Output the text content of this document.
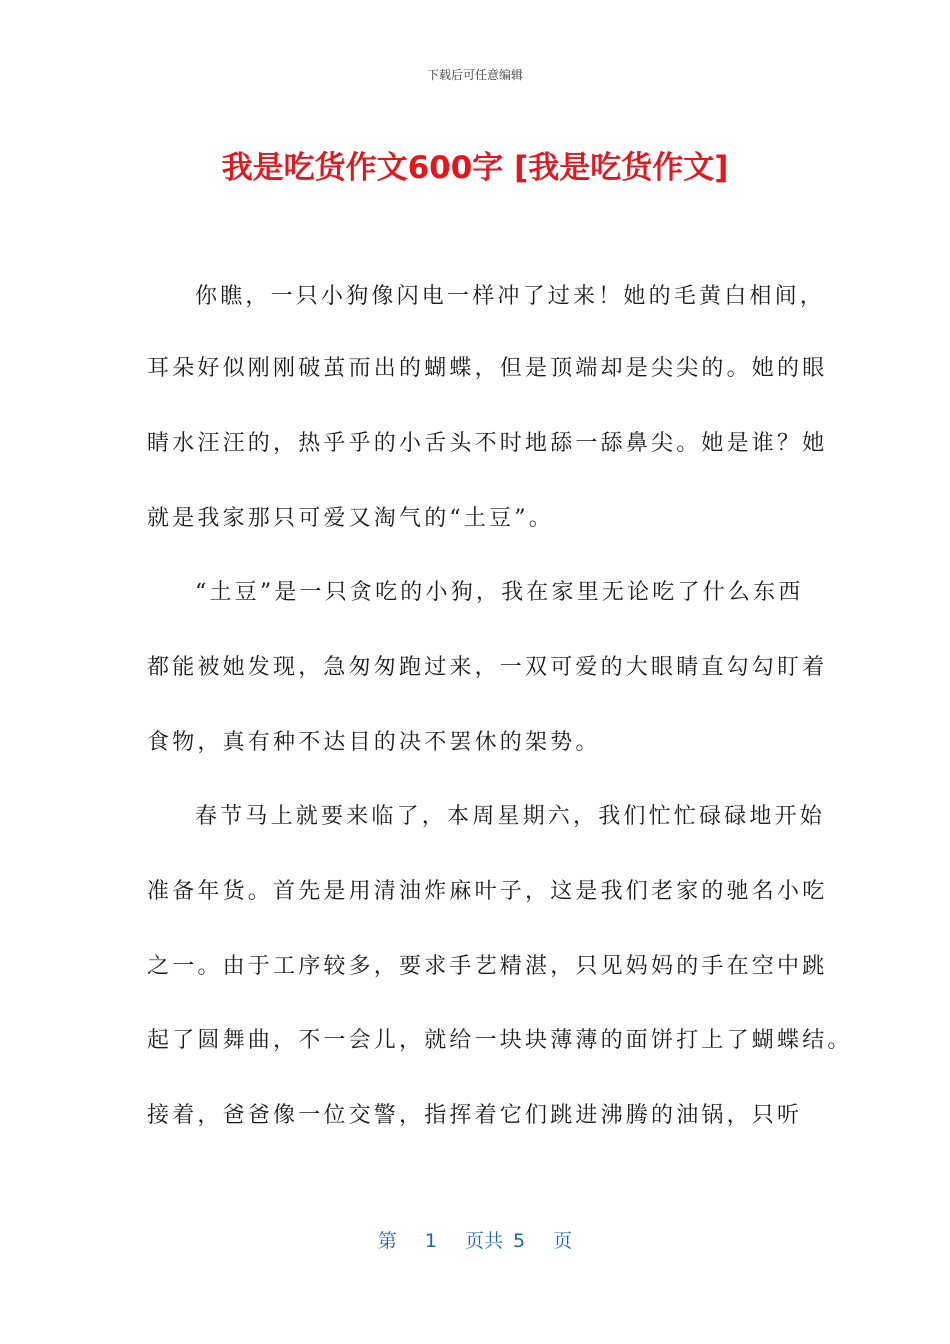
下载后可任意编辑
我是吃货作文600字 [我是吃货作文]
你瞧，一只小狗像闪电一样冲了过来！她的毛黄白相间，
耳朵好似刚刚破茧而出的蝴蝶，但是顶端却是尖尖的。她的眼
睛水汪汪的，热乎乎的小舌头不时地舔一舔鼻尖。她是谁？她
就是我家那只可爱又淘气的“土豆”。
“土豆”是一只贪吃的小狗，我在家里无论吃了什么东西
都能被她发现，急匆匆跑过来，一双可爱的大眼睛直勾勾盯着
食物，真有种不达目的决不罢休的架势。
春节马上就要来临了，本周星期六，我们忙忙碌碌地开始
准备年货。首先是用清油炸麻叶子，这是我们老家的驰名小吃
之一。由于工序较多，要求手艺精湛，只见妈妈的手在空中跳
起了圆舞曲，不一会儿，就给一块块薄薄的面饼打上了蝴蝶结。
接着，爸爸像一位交警，指挥着它们跳进沸腾的油锅，只听
第 1 页共 5 页
